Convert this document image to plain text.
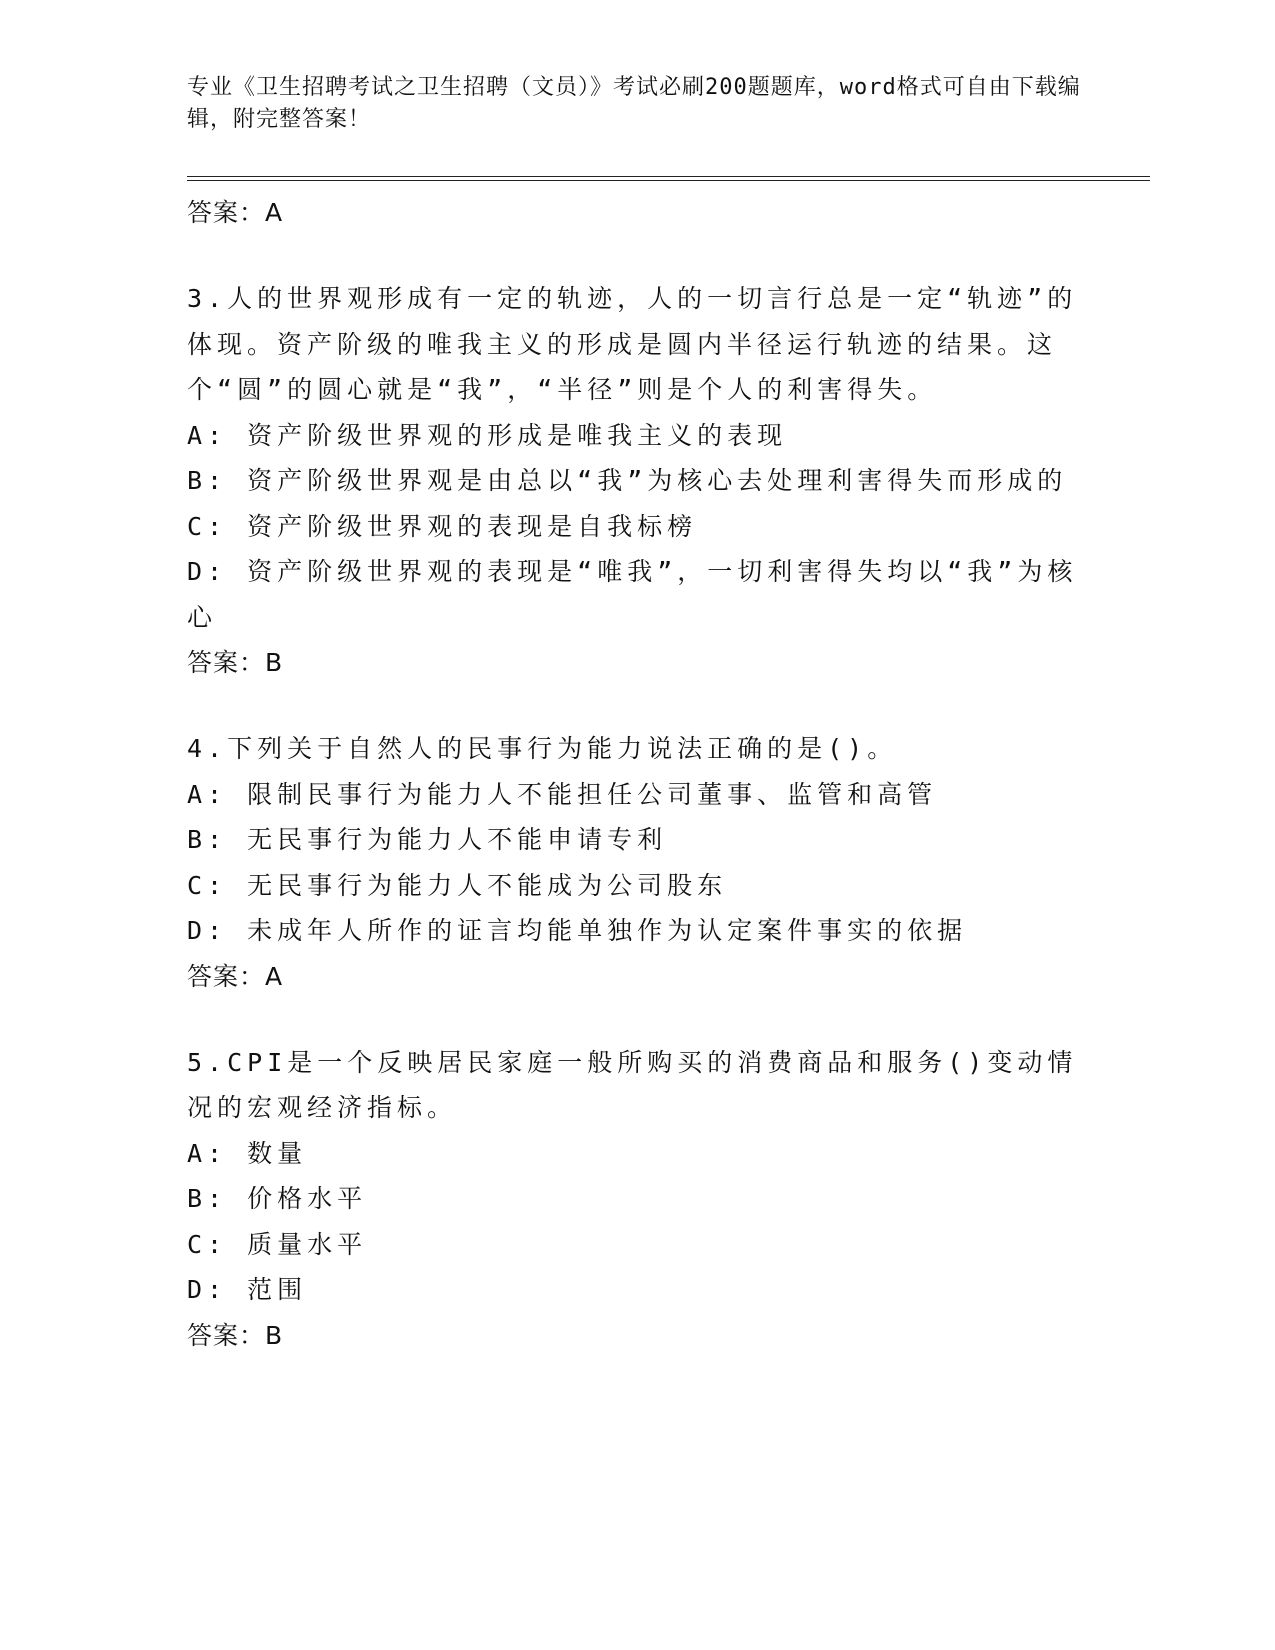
专业《卫生招聘考试之卫生招聘（文员）》考试必刷200题题库，word格式可自由下载编辑，附完整答案！
答案：A
3.人的世界观形成有一定的轨迹，人的一切言行总是一定“轨迹”的体现。资产阶级的唯我主义的形成是圆内半径运行轨迹的结果。这个“圆”的圆心就是“我”，“半径”则是个人的利害得失。
A: 资产阶级世界观的形成是唯我主义的表现
B: 资产阶级世界观是由总以“我”为核心去处理利害得失而形成的
C: 资产阶级世界观的表现是自我标榜
D: 资产阶级世界观的表现是“唯我”，一切利害得失均以“我”为核心
答案：B
4.下列关于自然人的民事行为能力说法正确的是()。
A: 限制民事行为能力人不能担任公司董事、监管和高管
B: 无民事行为能力人不能申请专利
C: 无民事行为能力人不能成为公司股东
D: 未成年人所作的证言均能单独作为认定案件事实的依据
答案：A
5.CPI是一个反映居民家庭一般所购买的消费商品和服务()变动情况的宏观经济指标。
A: 数量
B: 价格水平
C: 质量水平
D: 范围
答案：B
